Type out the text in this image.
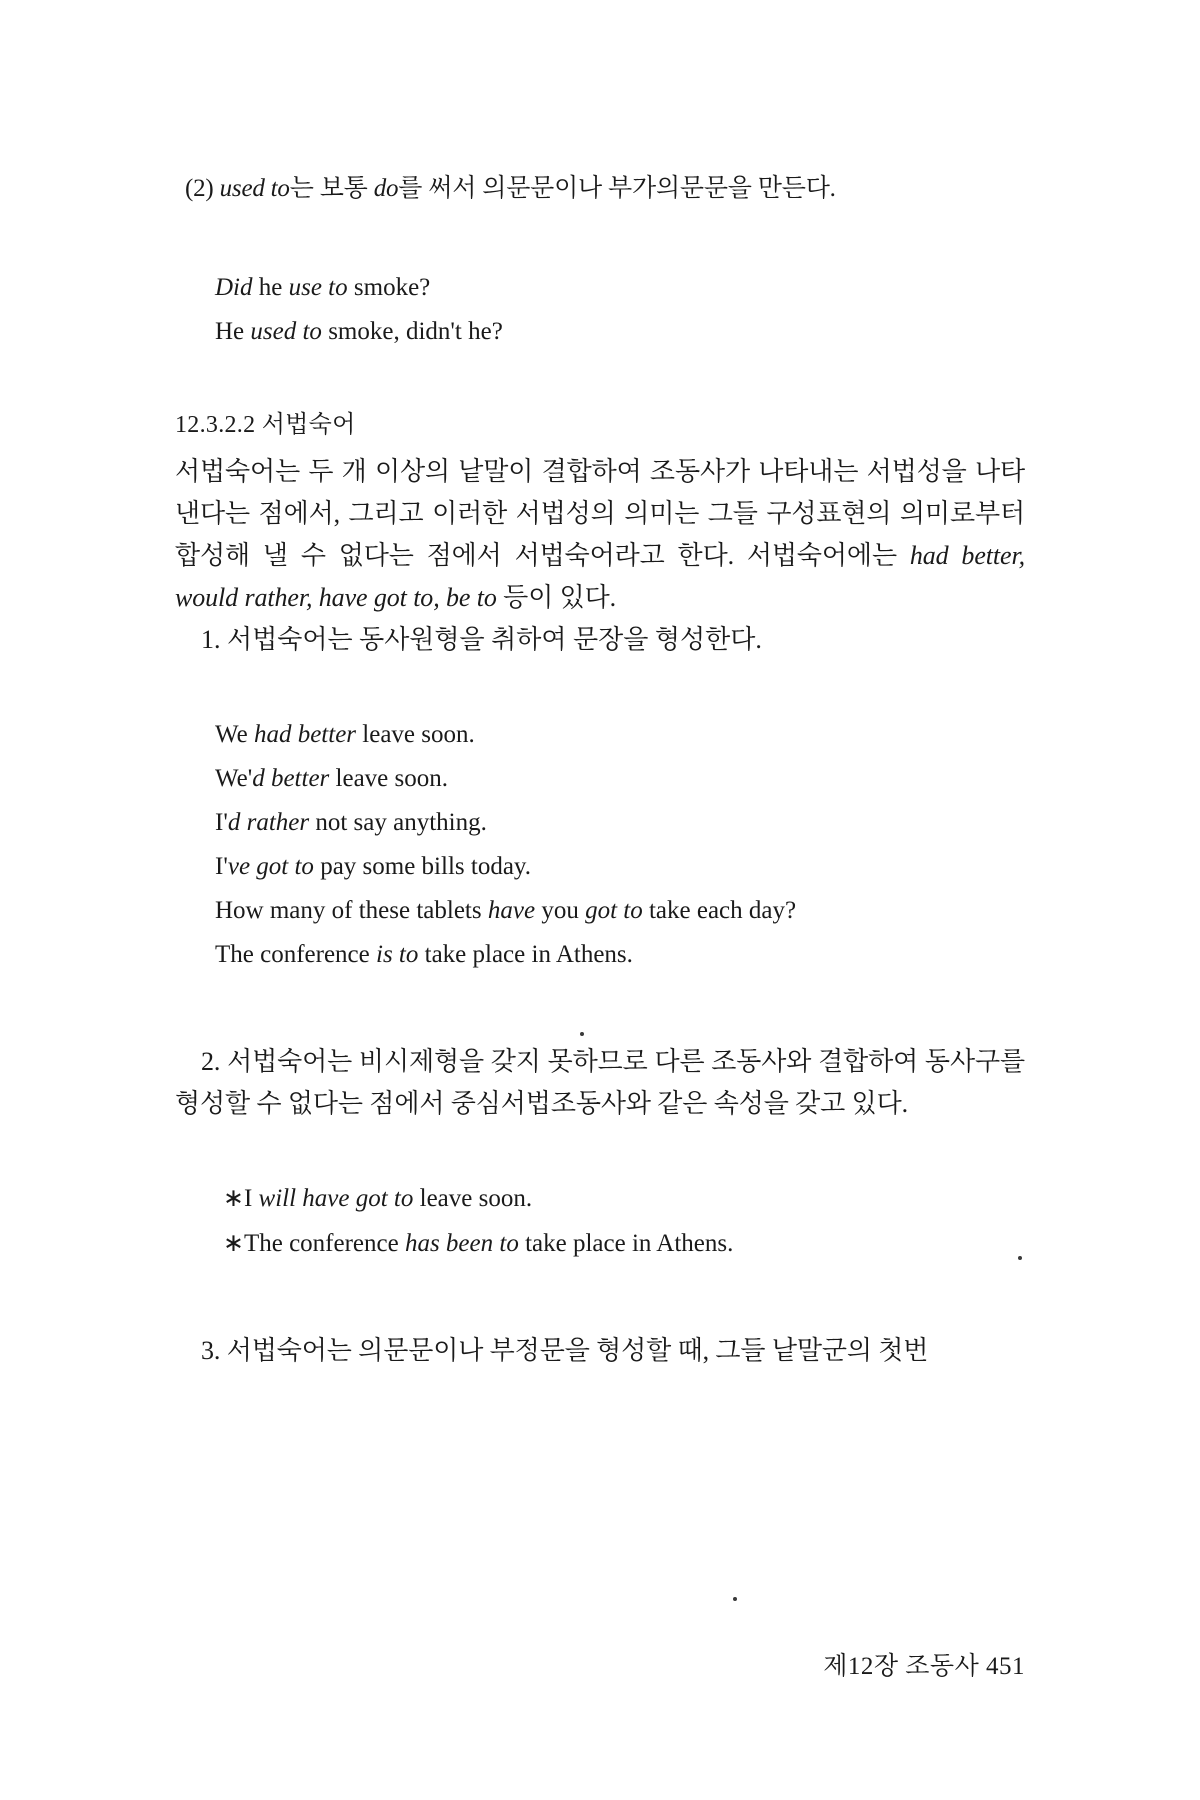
(2) used to는 보통 do를 써서 의문문이나 부가의문문을 만든다.
Did he use to smoke?
He used to smoke, didn't he?
12.3.2.2 서법숙어
서법숙어는 두 개 이상의 낱말이 결합하여 조동사가 나타내는 서법성을 나타낸다는 점에서, 그리고 이러한 서법성의 의미는 그들 구성표현의 의미로부터 합성해 낼 수 없다는 점에서 서법숙어라고 한다. 서법숙어에는 had better, would rather, have got to, be to 등이 있다.
1. 서법숙어는 동사원형을 취하여 문장을 형성한다.
We had better leave soon.
We'd better leave soon.
I'd rather not say anything.
I've got to pay some bills today.
How many of these tablets have you got to take each day?
The conference is to take place in Athens.
2. 서법숙어는 비시제형을 갖지 못하므로 다른 조동사와 결합하여 동사구를 형성할 수 없다는 점에서 중심서법조동사와 같은 속성을 갖고 있다.
∗I will have got to leave soon.
∗The conference has been to take place in Athens.
3. 서법숙어는 의문문이나 부정문을 형성할 때, 그들 낱말군의 첫번
제12장 조동사 451
